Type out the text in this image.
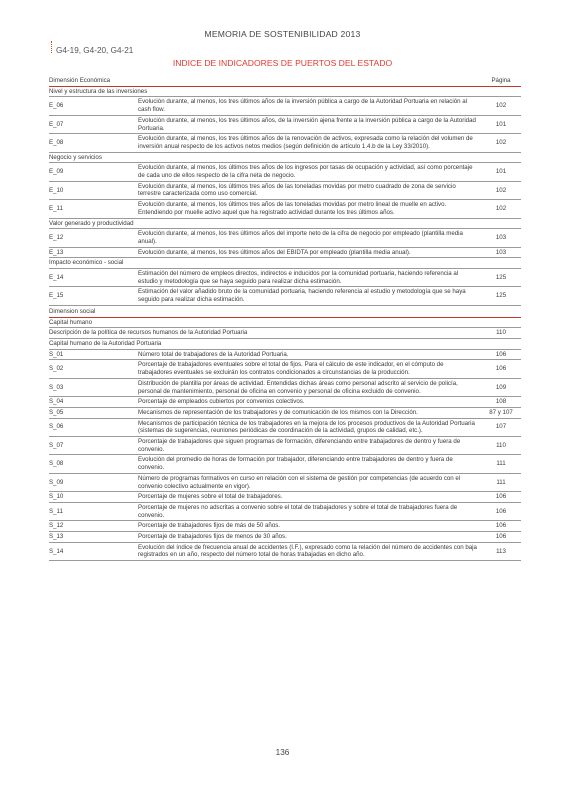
MEMORIA DE SOSTENIBILIDAD 2013
G4-19, G4-20, G4-21
INDICE DE INDICADORES DE PUERTOS DEL ESTADO
Dimensión Económica		Página
Nivel y estructura de las inversiones		
E_06	Evolución durante, al menos, los tres últimos años de la inversión pública a cargo de la Autoridad Portuaria en relación al cash flow.	102
E_07	Evolución durante, al menos, los tres últimos años, de la inversión ajena frente a la inversión pública a cargo de la Autoridad Portuaria.	101
E_08	Evolución durante, al menos, los tres últimos años de la renovación de activos, expresada como la relación del volumen de inversión anual respecto de los activos netos medios (según definición de artículo 1.4.b de la Ley 33/2010).	102
Negocio y servicios		
E_09	Evolución durante, al menos, los últimos tres años de los ingresos por tasas de ocupación y actividad, así como porcentaje de cada uno de ellos respecto de la cifra neta de negocio.	101
E_10	Evolución durante, al menos, los últimos tres años de las toneladas movidas por metro cuadrado de zona de servicio terrestre caracterizada como uso comercial.	102
E_11	Evolución durante, al menos, los últimos tres años de las toneladas movidas por metro lineal de muelle en activo. Entendiendo por muelle activo aquel que ha registrado actividad durante los tres últimos años.	102
Valor generado y productividad		
E_12	Evolución durante, al menos, los tres últimos años del importe neto de la cifra de negocio por empleado (plantilla media anual).	103
E_13	Evolución durante, al menos, los tres últimos años del EBIDTA por empleado (plantilla media anual).	103
Impacto económico - social		
E_14	Estimación del número de empleos directos, indirectos e inducidos por la comunidad portuaria, haciendo referencia al estudio y metodología que se haya seguido para realizar dicha estimación.	125
E_15	Estimación del valor añadido bruto de la comunidad portuaria, haciendo referencia al estudio y metodología que se haya seguido para realizar dicha estimación.	125
Dimension social		
Capital humano		
Descripción de la política de recursos humanos de la Autoridad Portuaria		110
Capital humano de la Autoridad Portuaria		
S_01	Número total de trabajadores de la Autoridad Portuaria.	106
S_02	Porcentaje de trabajadores eventuales sobre el total de fijos. Para el cálculo de este indicador, en el cómputo de trabajadores eventuales se excluirán los contratos condicionados a circunstancias de la producción.	106
S_03	Distribución de plantilla por áreas de actividad. Entendidas dichas áreas como personal adscrito al servicio de policía, personal de mantenimiento, personal de oficina en convenio y personal de oficina excluido de convenio.	109
S_04	Porcentaje de empleados cubiertos por convenios colectivos.	108
S_05	Mecanismos de representación de los trabajadores y de comunicación de los mismos con la Dirección.	87 y 107
S_06	Mecanismos de participación técnica de los trabajadores en la mejora de los procesos productivos de la Autoridad Portuaria (sistemas de sugerencias, reuniones periódicas de coordinación de la actividad, grupos de calidad, etc.).	107
S_07	Porcentaje de trabajadores que siguen programas de formación, diferenciando entre trabajadores de dentro y fuera de convenio.	110
S_08	Evolución del promedio de horas de formación por trabajador, diferenciando entre trabajadores de dentro y fuera de convenio.	111
S_09	Número de programas formativos en curso en relación con el sistema de gestión por competencias (de acuerdo con el convenio colectivo actualmente en vigor).	111
S_10	Porcentaje de mujeres sobre el total de trabajadores.	106
S_11	Porcentaje de mujeres no adscritas a convenio sobre el total de trabajadores y sobre el total de trabajadores fuera de convenio.	106
S_12	Porcentaje de trabajadores fijos de más de 50 años.	106
S_13	Porcentaje de trabajadores fijos de menos de 30 años.	106
S_14	Evolución del índice de frecuencia anual de accidentes (I.F.), expresado como la relación del número de accidentes con baja registrados en un año, respecto del número total de horas trabajadas en dicho año.	113
136
